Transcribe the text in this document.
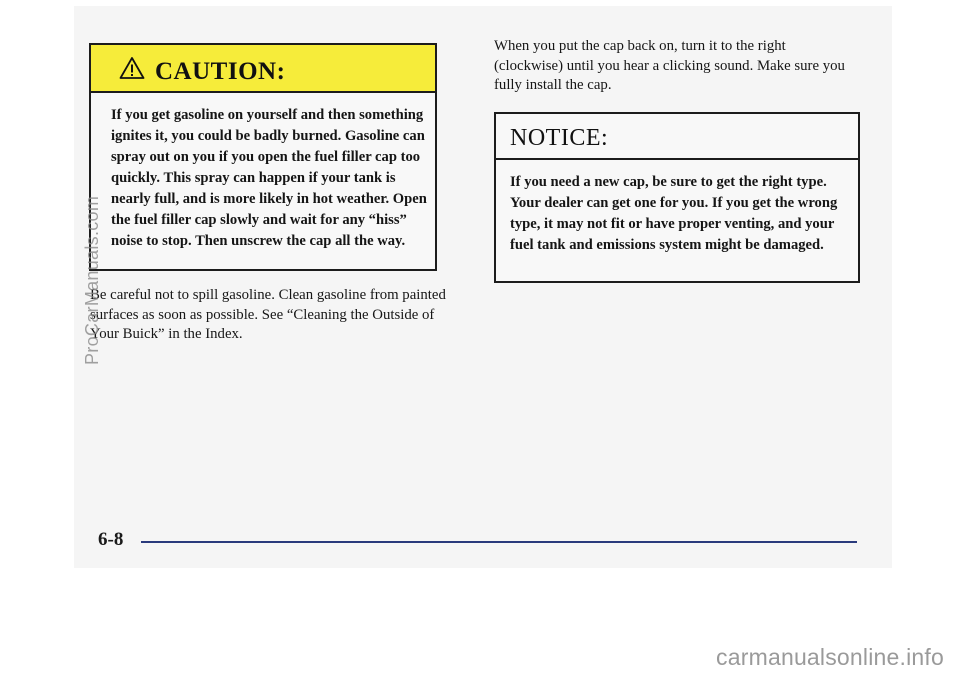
CAUTION:
If you get gasoline on yourself and then something ignites it, you could be badly burned. Gasoline can spray out on you if you open the fuel filler cap too quickly. This spray can happen if your tank is nearly full, and is more likely in hot weather. Open the fuel filler cap slowly and wait for any “hiss” noise to stop. Then unscrew the cap all the way.
Be careful not to spill gasoline. Clean gasoline from painted surfaces as soon as possible. See “Cleaning the Outside of Your Buick” in the Index.
When you put the cap back on, turn it to the right (clockwise) until you hear a clicking sound. Make sure you fully install the cap.
NOTICE:
If you need a new cap, be sure to get the right type. Your dealer can get one for you. If you get the wrong type, it may not fit or have proper venting, and your fuel tank and emissions system might be damaged.
6-8
ProCarManuals.com
carmanualsonline.info
